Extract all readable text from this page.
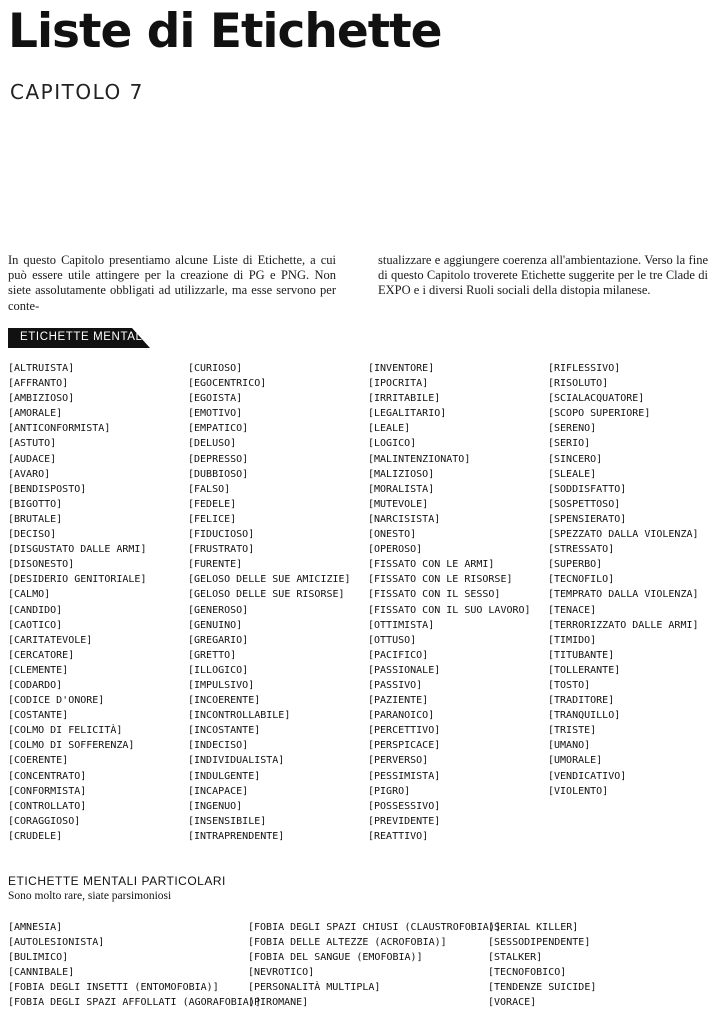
Liste di Etichette
CAPITOLO 7

In questo Capitolo presentiamo alcune Liste di Etichette, a cui può essere utile attingere per la creazione di PG e PNG. Non siete assolutamente obbligati ad utilizzarle, ma esse servono per conte-

stualizzare e aggiungere coerenza all'ambientazione. Verso la fine di questo Capitolo troverete Etichette suggerite per le tre Clade di EXPO e i diversi Ruoli sociali della distopia milanese.

ETICHETTE MENTALI
[ALTRUISTA]
[AFFRANTO]
[AMBIZIOSO]
[AMORALE]
[ANTICONFORMISTA]
[ASTUTO]
[AUDACE]
[AVARO]
[BENDISPOSTO]
[BIGOTTO]
[BRUTALE]
[DECISO]
[DISGUSTATO DALLE ARMI]
[DISONESTO]
[DESIDERIO GENITORIALE]
[CALMO]
[CANDIDO]
[CAOTICO]
[CARITATEVOLE]
[CERCATORE]
[CLEMENTE]
[CODARDO]
[CODICE D'ONORE]
[COSTANTE]
[COLMO DI FELICITÀ]
[COLMO DI SOFFERENZA]
[COERENTE]
[CONCENTRATO]
[CONFORMISTA]
[CONTROLLATO]
[CORAGGIOSO]
[CRUDELE]
[CURIOSO]
[EGOCENTRICO]
[EGOISTA]
[EMOTIVO]
[EMPATICO]
[DELUSO]
[DEPRESSO]
[DUBBIOSO]
[FALSO]
[FEDELE]
[FELICE]
[FIDUCIOSO]
[FRUSTRATO]
[FURENTE]
[GELOSO DELLE SUE AMICIZIE]
[GELOSO DELLE SUE RISORSE]
[GENEROSO]
[GENUINO]
[GREGARIO]
[GRETTO]
[ILLOGICO]
[IMPULSIVO]
[INCOERENTE]
[INCONTROLLABILE]
[INCOSTANTE]
[INDECISO]
[INDIVIDUALISTA]
[INDULGENTE]
[INCAPACE]
[INGENUO]
[INSENSIBILE]
[INTRAPRENDENTE]
[INVENTORE]
[IPOCRITA]
[IRRITABILE]
[LEGALITARIO]
[LEALE]
[LOGICO]
[MALINTENZIONATO]
[MALIZIOSO]
[MORALISTA]
[MUTEVOLE]
[NARCISISTA]
[ONESTO]
[OPEROSO]
[FISSATO CON LE ARMI]
[FISSATO CON LE RISORSE]
[FISSATO CON IL SESSO]
[FISSATO CON IL SUO LAVORO]
[OTTIMISTA]
[OTTUSO]
[PACIFICO]
[PASSIONALE]
[PASSIVO]
[PAZIENTE]
[PARANOICO]
[PERCETTIVO]
[PERSPICACE]
[PERVERSO]
[PESSIMISTA]
[PIGRO]
[POSSESSIVO]
[PREVIDENTE]
[REATTIVO]
[RIFLESSIVO]
[RISOLUTO]
[SCIALACQUATORE]
[SCOPO SUPERIORE]
[SERENO]
[SERIO]
[SINCERO]
[SLEALE]
[SODDISFATTO]
[SOSPETTOSO]
[SPENSIERATO]
[SPEZZATO DALLA VIOLENZA]
[STRESSATO]
[SUPERBO]
[TECNOFILO]
[TEMPRATO DALLA VIOLENZA]
[TENACE]
[TERRORIZZATO DALLE ARMI]
[TIMIDO]
[TITUBANTE]
[TOLLERANTE]
[TOSTO]
[TRADITORE]
[TRANQUILLO]
[TRISTE]
[UMANO]
[UMORALE]
[VENDICATIVO]
[VIOLENTO]
ETICHETTE MENTALI PARTICOLARI
Sono molto rare, siate parsimoniosi
[AMNESIA]
[AUTOLESIONISTA]
[BULIMICO]
[CANNIBALE]
[FOBIA DEGLI INSETTI (ENTOMOFOBIA)]
[FOBIA DEGLI SPAZI AFFOLLATI (AGORAFOBIA)]
[FOBIA DEGLI SPAZI CHIUSI (CLAUSTROFOBIA)]
[FOBIA DELLE ALTEZZE (ACROFOBIA)]
[FOBIA DEL SANGUE (EMOFOBIA)]
[NEVROTICO]
[PERSONALITÀ MULTIPLA]
[PIROMANE]
[SERIAL KILLER]
[SESSODIPENDENTE]
[STALKER]
[TECNOFOBICO]
[TENDENZE SUICIDE]
[VORACE]
